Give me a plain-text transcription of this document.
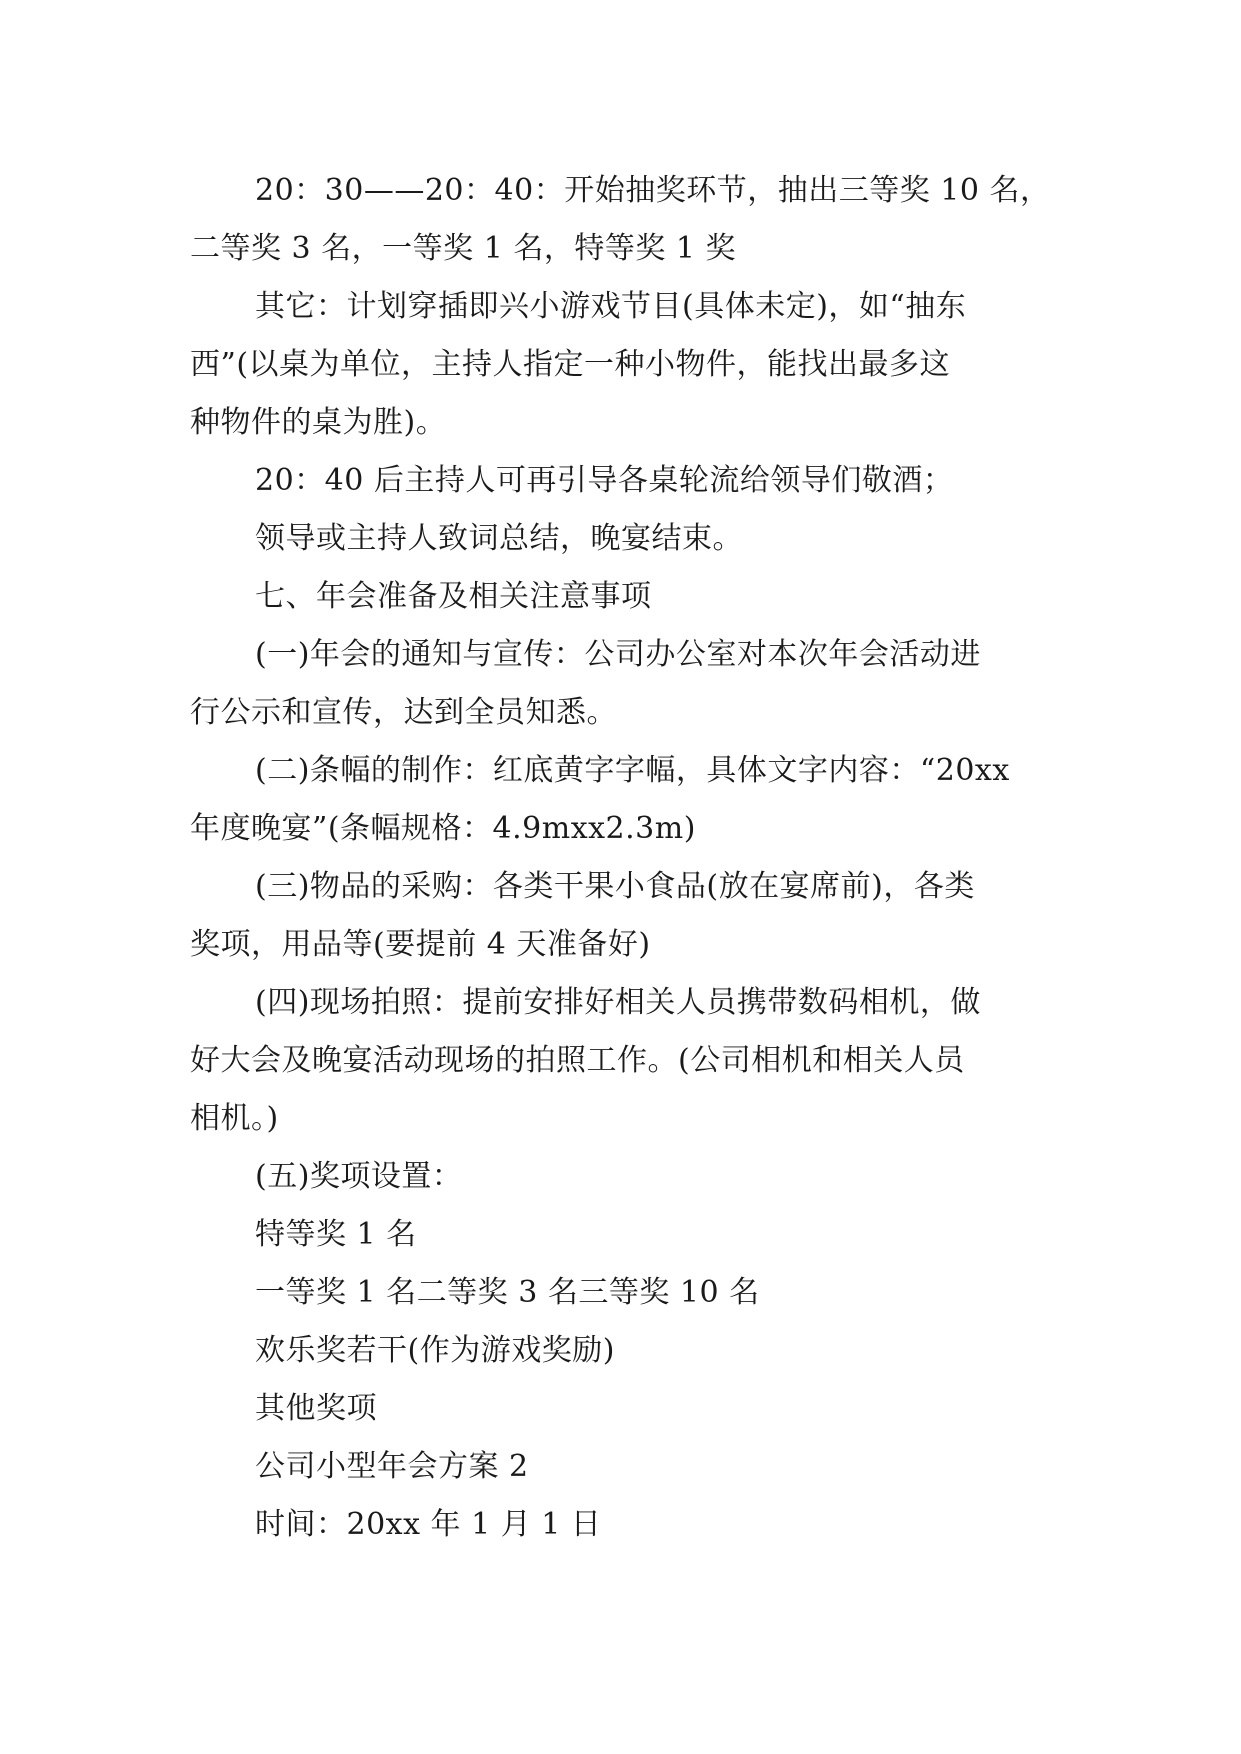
20：30——20：40：开始抽奖环节，抽出三等奖 10 名，
二等奖 3 名，一等奖 1 名，特等奖 1 奖

其它：计划穿插即兴小游戏节目(具体未定)，如“抽东
西”(以桌为单位，主持人指定一种小物件，能找出最多这
种物件的桌为胜)。

20：40 后主持人可再引导各桌轮流给领导们敬酒；

领导或主持人致词总结，晚宴结束。

七、年会准备及相关注意事项

(一)年会的通知与宣传：公司办公室对本次年会活动进
行公示和宣传，达到全员知悉。

(二)条幅的制作：红底黄字字幅，具体文字内容：“20xx
年度晚宴”(条幅规格：4.9mxx2.3m)

(三)物品的采购：各类干果小食品(放在宴席前)，各类
奖项，用品等(要提前 4 天准备好)

(四)现场拍照：提前安排好相关人员携带数码相机，做
好大会及晚宴活动现场的拍照工作。(公司相机和相关人员
相机。)

(五)奖项设置：

特等奖 1 名

一等奖 1 名二等奖 3 名三等奖 10 名

欢乐奖若干(作为游戏奖励)

其他奖项

公司小型年会方案 2

时间：20xx 年 1 月 1 日
